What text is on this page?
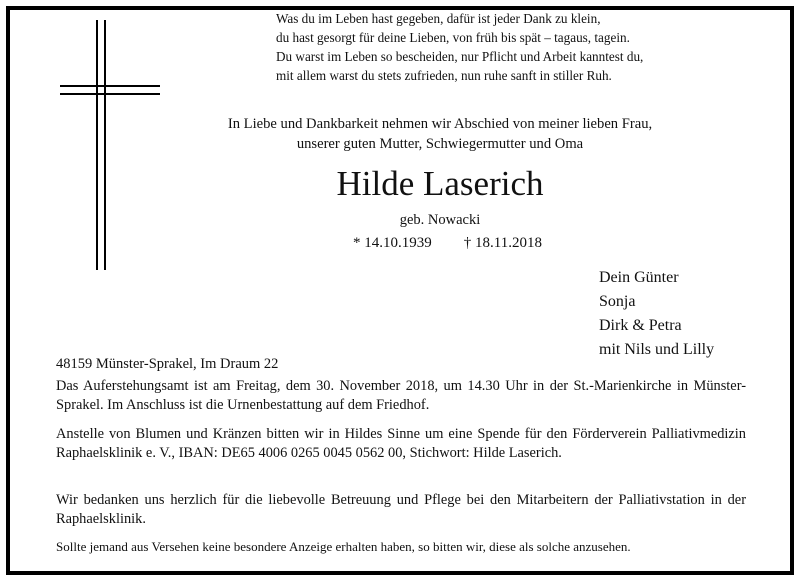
Was du im Leben hast gegeben, dafür ist jeder Dank zu klein,
du hast gesorgt für deine Lieben, von früh bis spät – tagaus, tagein.
Du warst im Leben so bescheiden, nur Pflicht und Arbeit kanntest du,
mit allem warst du stets zufrieden, nun ruhe sanft in stiller Ruh.
In Liebe und Dankbarkeit nehmen wir Abschied von meiner lieben Frau,
unserer guten Mutter, Schwiegermutter und Oma
Hilde Laserich
geb. Nowacki
* 14.10.1939 † 18.11.2018
Dein Günter
Sonja
Dirk & Petra
mit Nils und Lilly
48159 Münster-Sprakel, Im Draum 22
Das Auferstehungsamt ist am Freitag, dem 30. November 2018, um 14.30 Uhr in der St.-Marienkirche in Münster-Sprakel. Im Anschluss ist die Urnenbestattung auf dem Friedhof.
Anstelle von Blumen und Kränzen bitten wir in Hildes Sinne um eine Spende für den Förderverein Palliativmedizin Raphaelsklinik e. V., IBAN: DE65 4006 0265 0045 0562 00, Stichwort: Hilde Laserich.
Wir bedanken uns herzlich für die liebevolle Betreuung und Pflege bei den Mitarbeitern der Palliativstation in der Raphaelsklinik.
Sollte jemand aus Versehen keine besondere Anzeige erhalten haben, so bitten wir, diese als solche anzusehen.
